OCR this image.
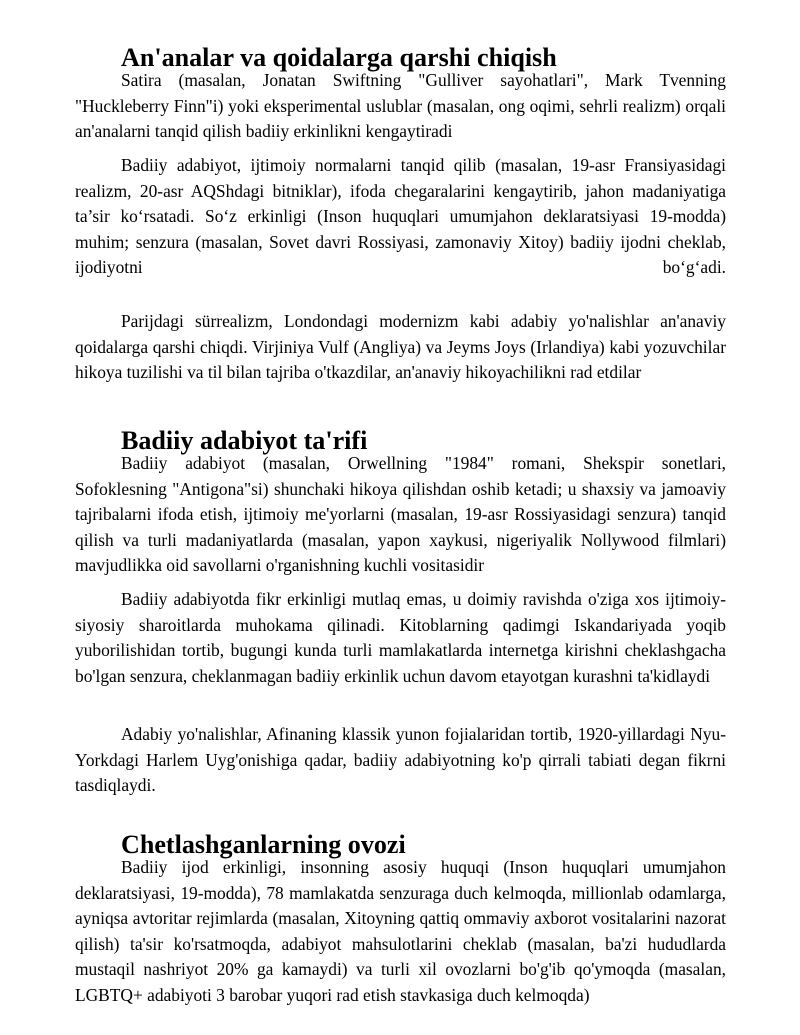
An'analar va qoidalarga qarshi chiqish

Satira (masalan, Jonatan Swiftning "Gulliver sayohatlari", Mark Tvenning "Huckleberry Finn"i) yoki eksperimental uslublar (masalan, ong oqimi, sehrli realizm) orqali an'analarni tanqid qilish badiiy erkinlikni kengaytiradi

Badiiy adabiyot, ijtimoiy normalarni tanqid qilib (masalan, 19-asr Fransiyasidagi realizm, 20-asr AQShdagi bitniklar), ifoda chegaralarini kengaytirib, jahon madaniyatiga ta’sir ko‘rsatadi. So‘z erkinligi (Inson huquqlari umumjahon deklaratsiyasi 19-modda) muhim; senzura (masalan, Sovet davri Rossiyasi, zamonaviy Xitoy) badiiy ijodni cheklab, ijodiyotni bo‘g‘adi.

Parijdagi sürrealizm, Londondagi modernizm kabi adabiy yo'nalishlar an'anaviy qoidalarga qarshi chiqdi. Virjiniya Vulf (Angliya) va Jeyms Joys (Irlandiya) kabi yozuvchilar hikoya tuzilishi va til bilan tajriba o'tkazdilar, an'anaviy hikoyachilikni rad etdilar

Badiiy adabiyot ta'rifi

Badiiy adabiyot (masalan, Orwellning "1984" romani, Shekspir sonetlari, Sofoklesning "Antigona"si) shunchaki hikoya qilishdan oshib ketadi; u shaxsiy va jamoaviy tajribalarni ifoda etish, ijtimoiy me'yorlarni (masalan, 19-asr Rossiyasidagi senzura) tanqid qilish va turli madaniyatlarda (masalan, yapon xaykusi, nigeriyalik Nollywood filmlari) mavjudlikka oid savollarni o'rganishning kuchli vositasidir

Badiiy adabiyotda fikr erkinligi mutlaq emas, u doimiy ravishda o'ziga xos ijtimoiy-siyosiy sharoitlarda muhokama qilinadi. Kitoblarning qadimgi Iskandariyada yoqib yuborilishidan tortib, bugungi kunda turli mamlakatlarda internetga kirishni cheklashgacha bo'lgan senzura, cheklanmagan badiiy erkinlik uchun davom etayotgan kurashni ta'kidlaydi

Adabiy yo'nalishlar, Afinaning klassik yunon fojialaridan tortib, 1920-yillardagi Nyu-Yorkdagi Harlem Uyg'onishiga qadar, badiiy adabiyotning ko'p qirrali tabiati degan fikrni tasdiqlaydi.

Chetlashganlarning ovozi

Badiiy ijod erkinligi, insonning asosiy huquqi (Inson huquqlari umumjahon deklaratsiyasi, 19-modda), 78 mamlakatda senzuraga duch kelmoqda, millionlab odamlarga, ayniqsa avtoritar rejimlarda (masalan, Xitoyning qattiq ommaviy axborot vositalarini nazorat qilish) ta'sir ko'rsatmoqda, adabiyot mahsulotlarini cheklab (masalan, ba'zi hududlarda mustaqil nashriyot 20% ga kamaydi) va turli xil ovozlarni bo'g'ib qo'ymoqda (masalan, LGBTQ+ adabiyoti 3 barobar yuqori rad etish stavkasiga duch kelmoqda)
